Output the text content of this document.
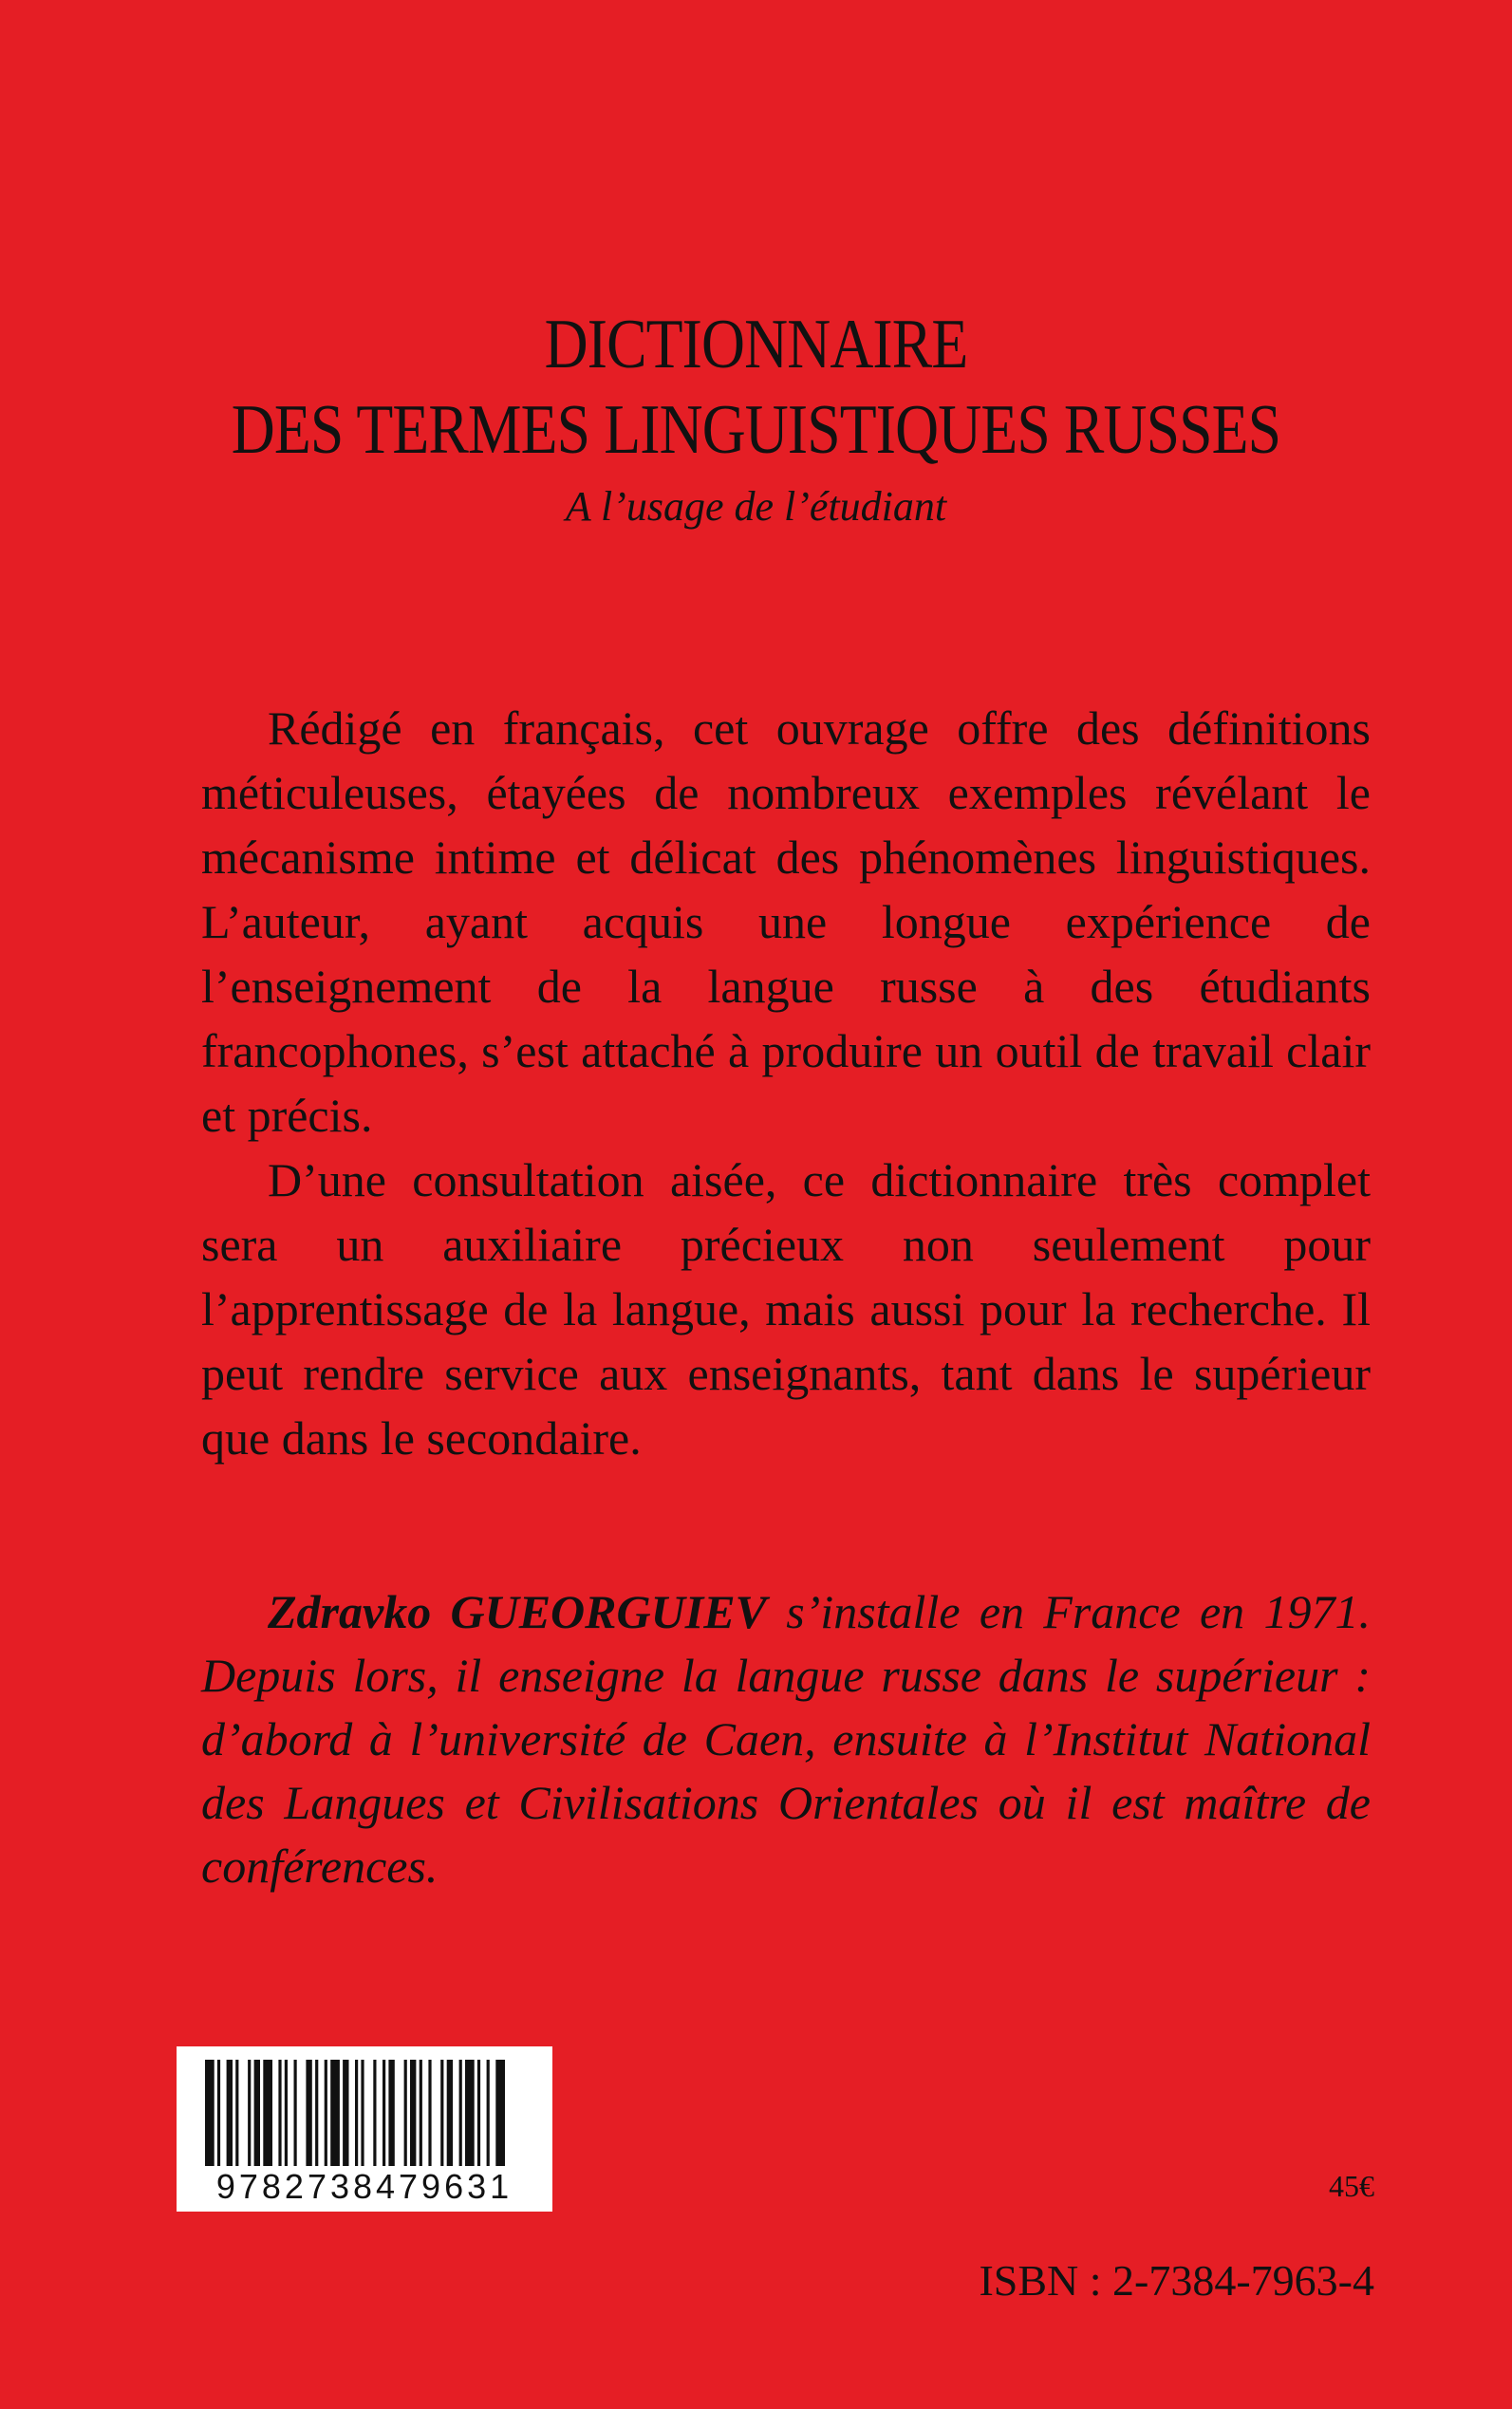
DICTIONNAIRE
DES TERMES LINGUISTIQUES RUSSES
A l’usage de l’étudiant

Rédigé en français, cet ouvrage offre des définitions méticuleuses, étayées de nombreux exemples révélant le mécanisme intime et délicat des phénomènes linguistiques. L’auteur, ayant acquis une longue expérience de l’enseignement de la langue russe à des étudiants francophones, s’est attaché à produire un outil de travail clair et précis.

D’une consultation aisée, ce dictionnaire très complet sera un auxiliaire précieux non seulement pour l’apprentissage de la langue, mais aussi pour la recherche. Il peut rendre service aux enseignants, tant dans le supérieur que dans le secondaire.

Zdravko GUEORGUIEV s’installe en France en 1971. Depuis lors, il enseigne la langue russe dans le supérieur : d’abord à l’université de Caen, ensuite à l’Institut National des Langues et Civilisations Orientales où il est maître de conférences.

9782738479631	45€
ISBN : 2-7384-7963-4
